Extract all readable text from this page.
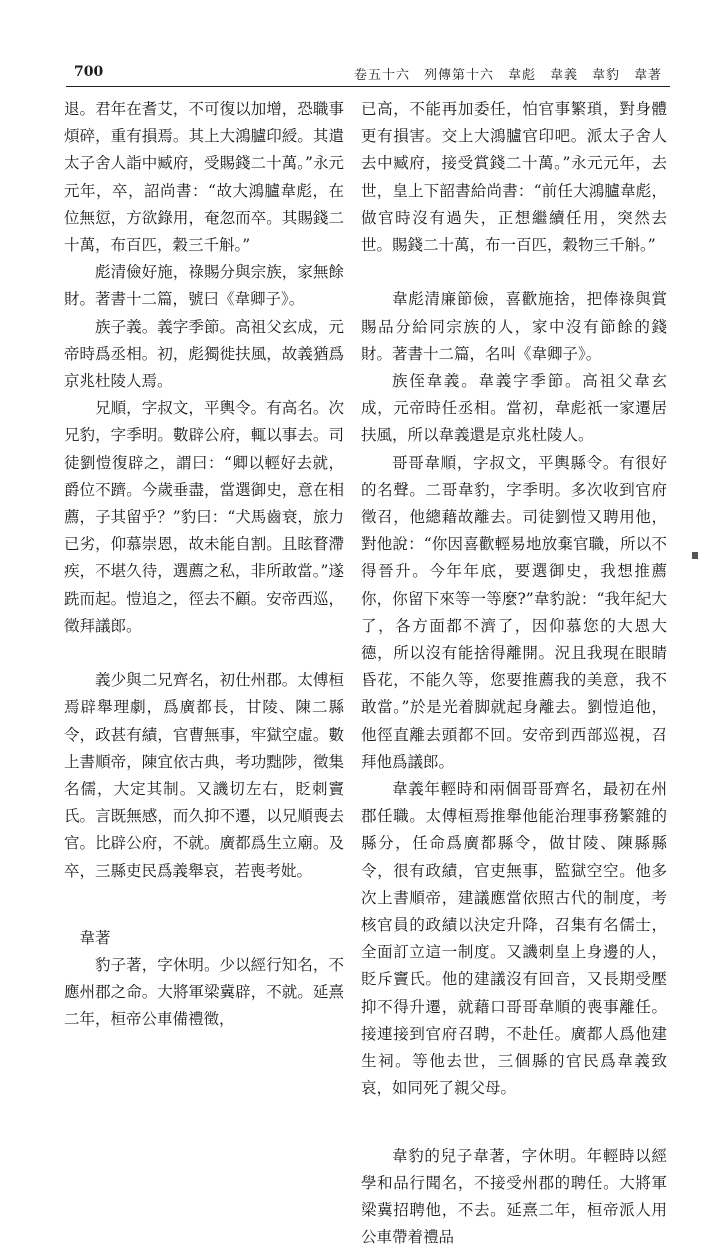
700	卷五十六　列傳第十六　韋彪　韋義　韋豹　韋著

退。君年在耆艾，不可復以加增，恐職事煩碎，重有損焉。其上大鴻臚印綬。其遣太子舍人詣中臧府，受賜錢二十萬。”永元元年，卒，詔尚書：“故大鴻臚韋彪，在位無愆，方欲錄用，奄忽而卒。其賜錢二十萬，布百匹，穀三千斛。”

彪清儉好施，祿賜分與宗族，家無餘財。著書十二篇，號曰《韋卿子》。

族子義。義字季節。高祖父玄成，元帝時爲丞相。初，彪獨徙扶風，故義猶爲京兆杜陵人焉。

兄順，字叔文，平輿令。有高名。次兄豹，字季明。數辟公府，輒以事去。司徒劉愷復辟之，謂曰：“卿以輕好去就，爵位不躋。今歲垂盡，當選御史，意在相薦，子其留乎？”豹曰：“犬馬齒衰，旅力已劣，仰慕崇恩，故未能自割。且眩瞀滯疾，不堪久待，選薦之私，非所敢當。”遂跣而起。愷追之，徑去不顧。安帝西巡，徵拜議郎。

義少與二兄齊名，初仕州郡。太傅桓焉辟舉理劇，爲廣都長，甘陵、陳二縣令，政甚有績，官曹無事，牢獄空虛。數上書順帝，陳宜依古典，考功黜陟，徵集名儒，大定其制。又譏切左右，貶刺竇氏。言既無感，而久抑不遷，以兄順喪去官。比辟公府，不就。廣都爲生立廟。及卒，三縣吏民爲義舉哀，若喪考妣。

韋著

豹子著，字休明。少以經行知名，不應州郡之命。大將軍梁冀辟，不就。延熹二年，桓帝公車備禮徵，

已高，不能再加委任，怕官事繁瑣，對身體更有損害。交上大鴻臚官印吧。派太子舍人去中臧府，接受賞錢二十萬。”永元元年，去世，皇上下韶書給尚書：“前任大鴻臚韋彪，做官時沒有過失，正想繼續任用，突然去世。賜錢二十萬，布一百匹，穀物三千斛。”

韋彪清廉節儉，喜歡施捨，把俸祿與賞賜品分給同宗族的人，家中沒有節餘的錢財。著書十二篇，名叫《韋卿子》。

族侄韋義。韋義字季節。高祖父韋玄成，元帝時任丞相。當初，韋彪祇一家遷居扶風，所以韋義還是京兆杜陵人。

哥哥韋順，字叔文，平輿縣令。有很好的名聲。二哥韋豹，字季明。多次收到官府徵召，他總藉故離去。司徒劉愷又聘用他，對他說：“你因喜歡輕易地放棄官職，所以不得晉升。今年年底，要選御史，我想推薦你，你留下來等一等麼?”韋豹說：“我年紀大了，各方面都不濟了，因仰慕您的大恩大德，所以沒有能捨得離開。況且我現在眼睛昏花，不能久等，您要推薦我的美意，我不敢當。”於是光着脚就起身離去。劉愷追他，他徑直離去頭都不回。安帝到西部巡視，召拜他爲議郎。

韋義年輕時和兩個哥哥齊名，最初在州郡任職。太傅桓焉推舉他能治理事務繁雜的縣分，任命爲廣都縣令，做甘陵、陳縣縣令，很有政績，官吏無事，監獄空空。他多次上書順帝，建議應當依照古代的制度，考核官員的政績以決定升降，召集有名儒士，全面訂立這一制度。又譏刺皇上身邊的人，貶斥竇氏。他的建議沒有回音，又長期受壓抑不得升遷，就藉口哥哥韋順的喪事離任。接連接到官府召聘，不赴任。廣都人爲他建生祠。等他去世，三個縣的官民爲韋義致哀，如同死了親父母。

韋豹的兒子韋著，字休明。年輕時以經學和品行聞名，不接受州郡的聘任。大將軍梁冀招聘他，不去。延熹二年，桓帝派人用公車帶着禮品
